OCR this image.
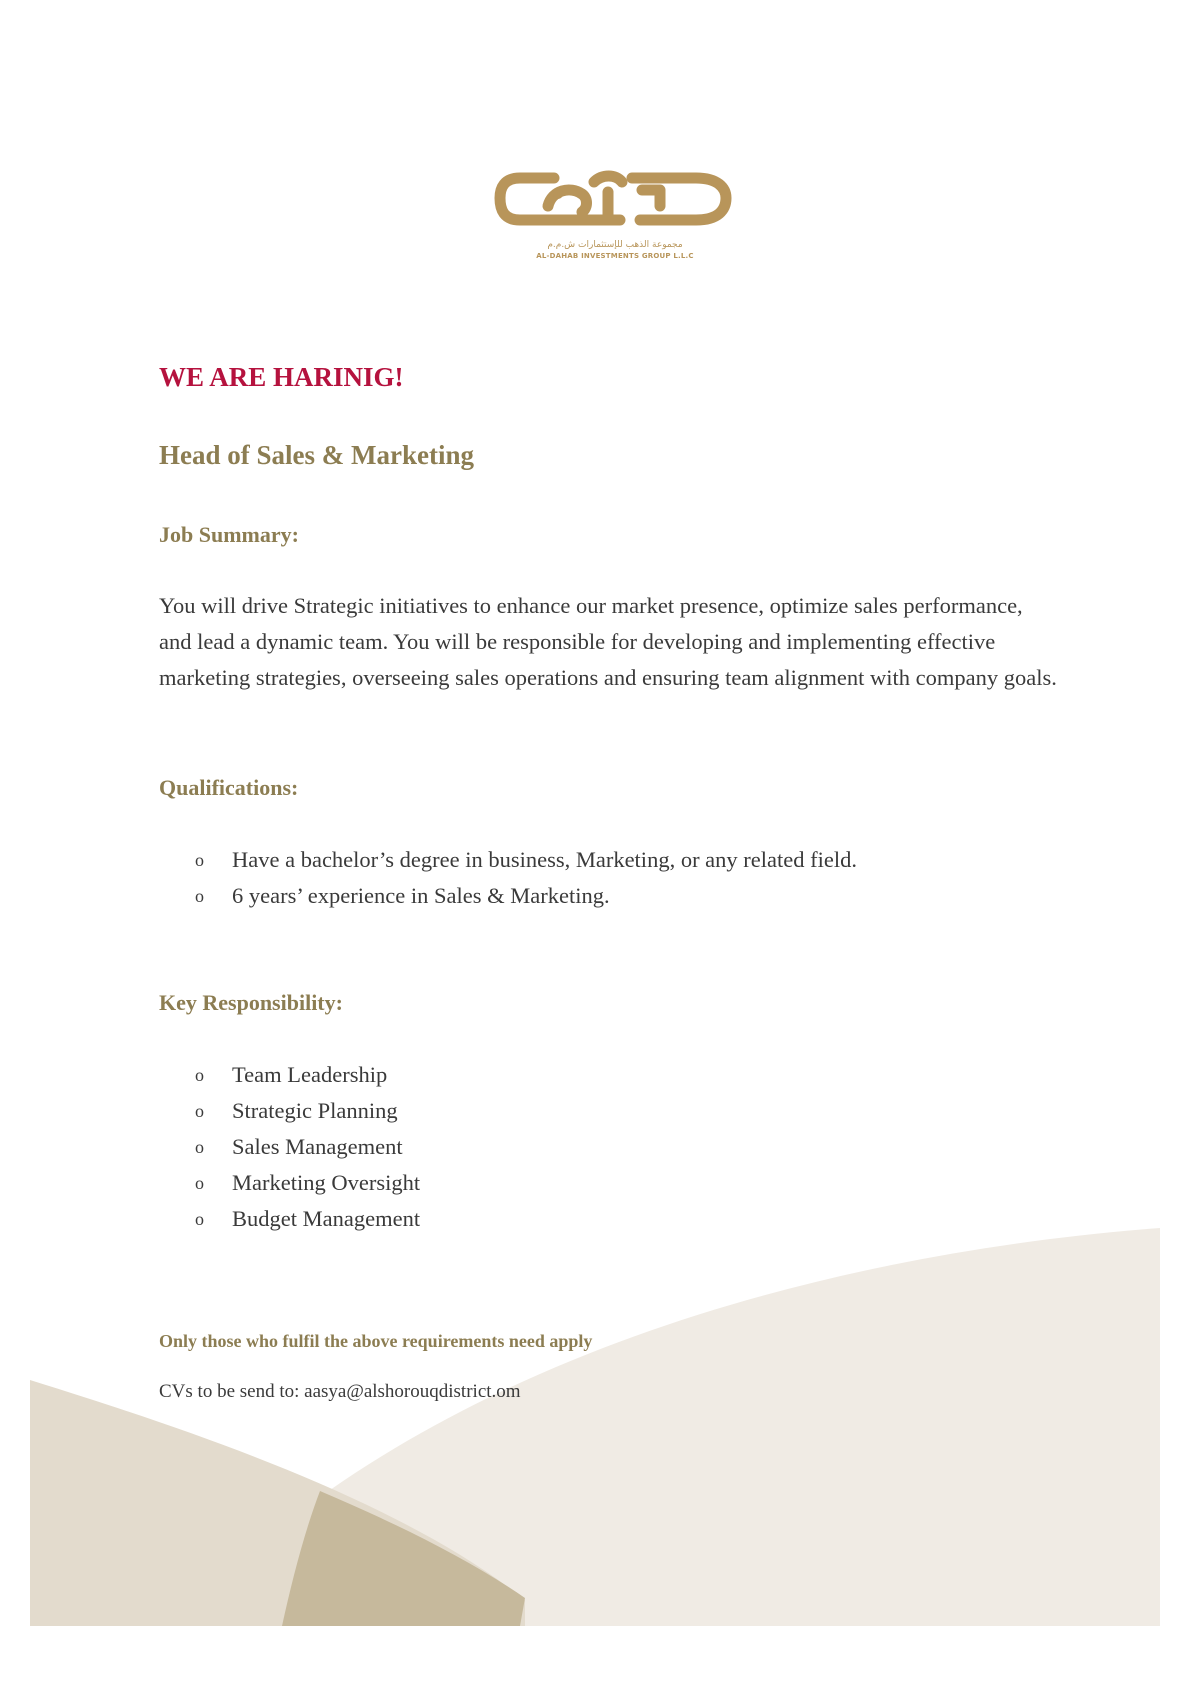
مجموعة الذهب للإستثمارات ش.م.م
AL-DAHAB INVESTMENTS GROUP L.L.C
WE ARE HARINIG!
Head of Sales & Marketing
Job Summary:

You will drive Strategic initiatives to enhance our market presence, optimize sales performance, and lead a dynamic team. You will be responsible for developing and implementing effective marketing strategies, overseeing sales operations and ensuring team alignment with company goals.

Qualifications:
o Have a bachelor’s degree in business, Marketing, or any related field.
o 6 years’ experience in Sales & Marketing.
Key Responsibility:
o Team Leadership
o Strategic Planning
o Sales Management
o Marketing Oversight
o Budget Management

Only those who fulfil the above requirements need apply

CVs to be send to: aasya@alshorouqdistrict.om
